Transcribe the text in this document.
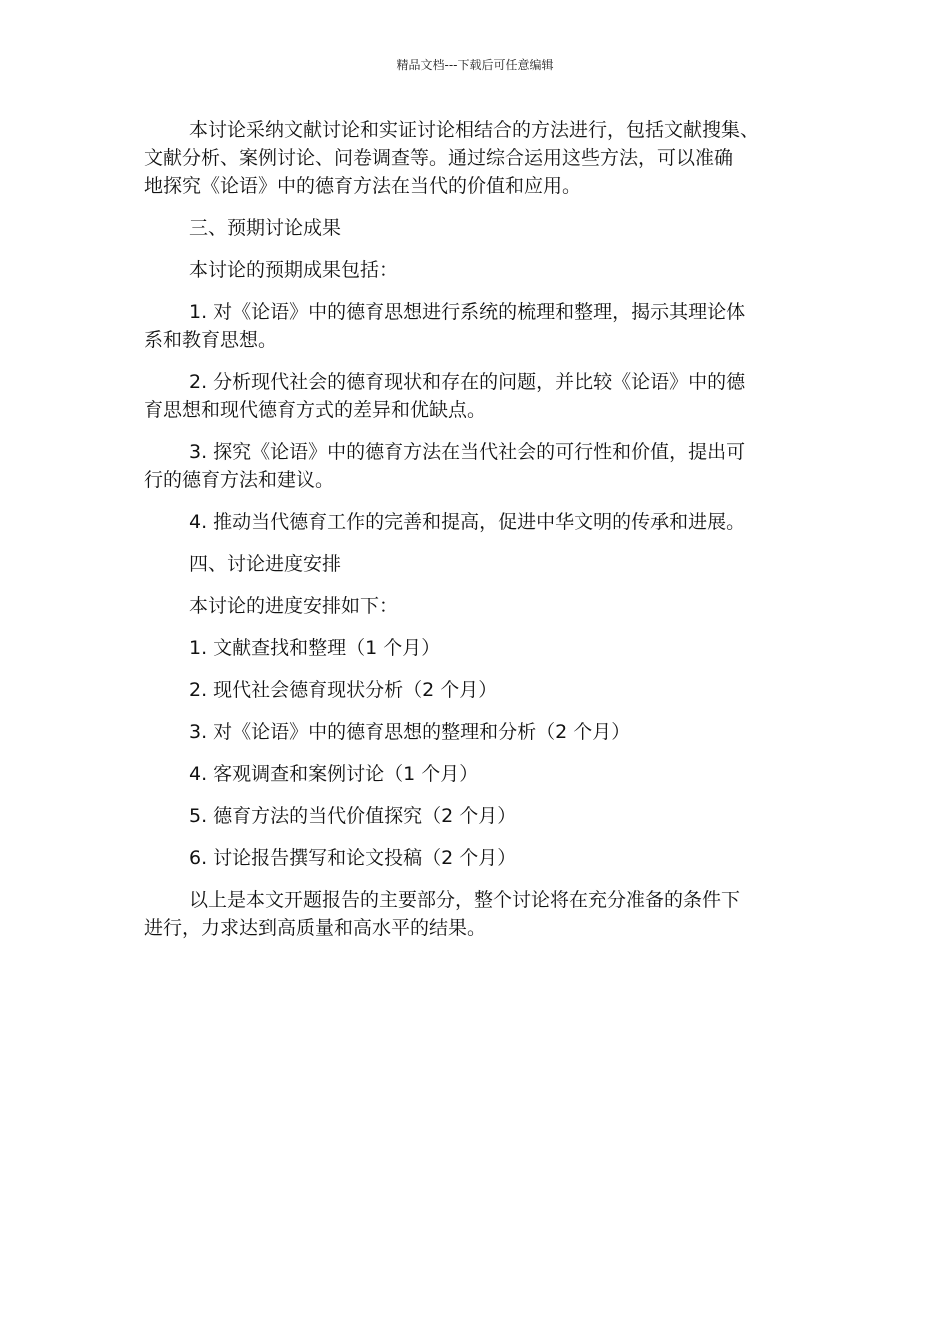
精品文档---下载后可任意编辑

本讨论采纳文献讨论和实证讨论相结合的方法进行，包括文献搜集、
文献分析、案例讨论、问卷调查等。通过综合运用这些方法，可以准确
地探究《论语》中的德育方法在当代的价值和应用。

三、预期讨论成果

本讨论的预期成果包括：

1. 对《论语》中的德育思想进行系统的梳理和整理，揭示其理论体
系和教育思想。

2. 分析现代社会的德育现状和存在的问题，并比较《论语》中的德
育思想和现代德育方式的差异和优缺点。

3. 探究《论语》中的德育方法在当代社会的可行性和价值，提出可
行的德育方法和建议。

4. 推动当代德育工作的完善和提高，促进中华文明的传承和进展。

四、讨论进度安排

本讨论的进度安排如下：

1. 文献查找和整理（1 个月）

2. 现代社会德育现状分析（2 个月）

3. 对《论语》中的德育思想的整理和分析（2 个月）

4. 客观调查和案例讨论（1 个月）

5. 德育方法的当代价值探究（2 个月）

6. 讨论报告撰写和论文投稿（2 个月）

以上是本文开题报告的主要部分，整个讨论将在充分准备的条件下
进行，力求达到高质量和高水平的结果。
